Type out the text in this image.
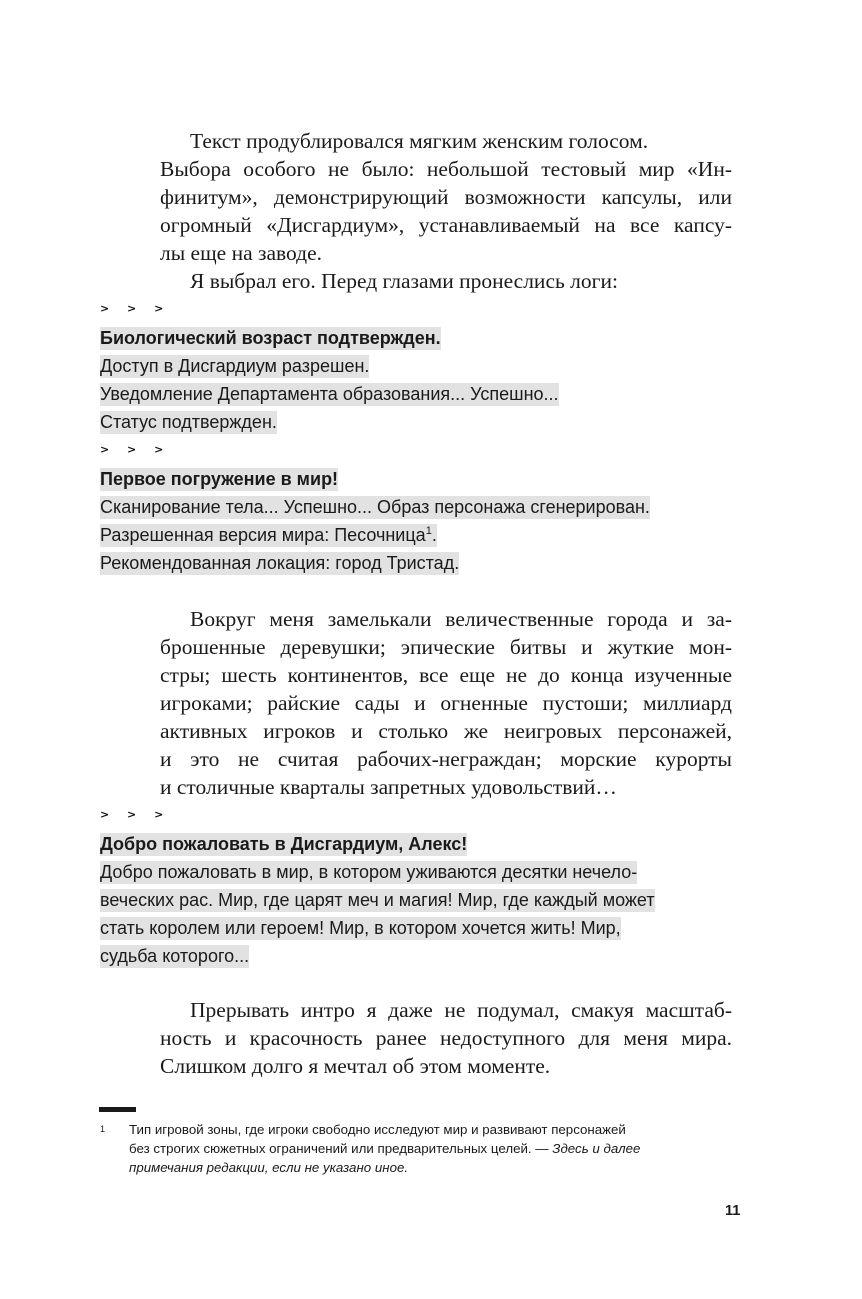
Текст продублировался мягким женским голосом.
Выбора особого не было: небольшой тестовый мир «Ин-
финитум», демонстрирующий возможности капсулы, или
огромный «Дисгардиум», устанавливаемый на все капсу-
лы еще на заводе.
Я выбрал его. Перед глазами пронеслись логи:
> > >
Биологический возраст подтвержден.
Доступ в Дисгардиум разрешен.
Уведомление Департамента образования... Успешно...
Статус подтвержден.
> > >
Первое погружение в мир!
Сканирование тела... Успешно... Образ персонажа сгенерирован.
Разрешенная версия мира: Песочница$^1$.
Рекомендованная локация: город Тристад.
Вокруг меня замелькали величественные города и за-
брошенные деревушки; эпические битвы и жуткие мон-
стры; шесть континентов, все еще не до конца изученные
игроками; райские сады и огненные пустоши; миллиард
активных игроков и столько же неигровых персонажей,
и это не считая рабочих-неграждан; морские курорты
и столичные кварталы запретных удовольствий…
> > >
Добро пожаловать в Дисгардиум, Алекс!
Добро пожаловать в мир, в котором уживаются десятки нечело-
веческих рас. Мир, где царят меч и магия! Мир, где каждый может
стать королем или героем! Мир, в котором хочется жить! Мир,
судьба которого...
Прерывать интро я даже не подумал, смакуя масштаб-
ность и красочность ранее недоступного для меня мира.
Слишком долго я мечтал об этом моменте.
1 Тип игровой зоны, где игроки свободно исследуют мир и развивают персонажей
без строгих сюжетных ограничений или предварительных целей. — Здесь и далее
примечания редакции, если не указано иное.
11
